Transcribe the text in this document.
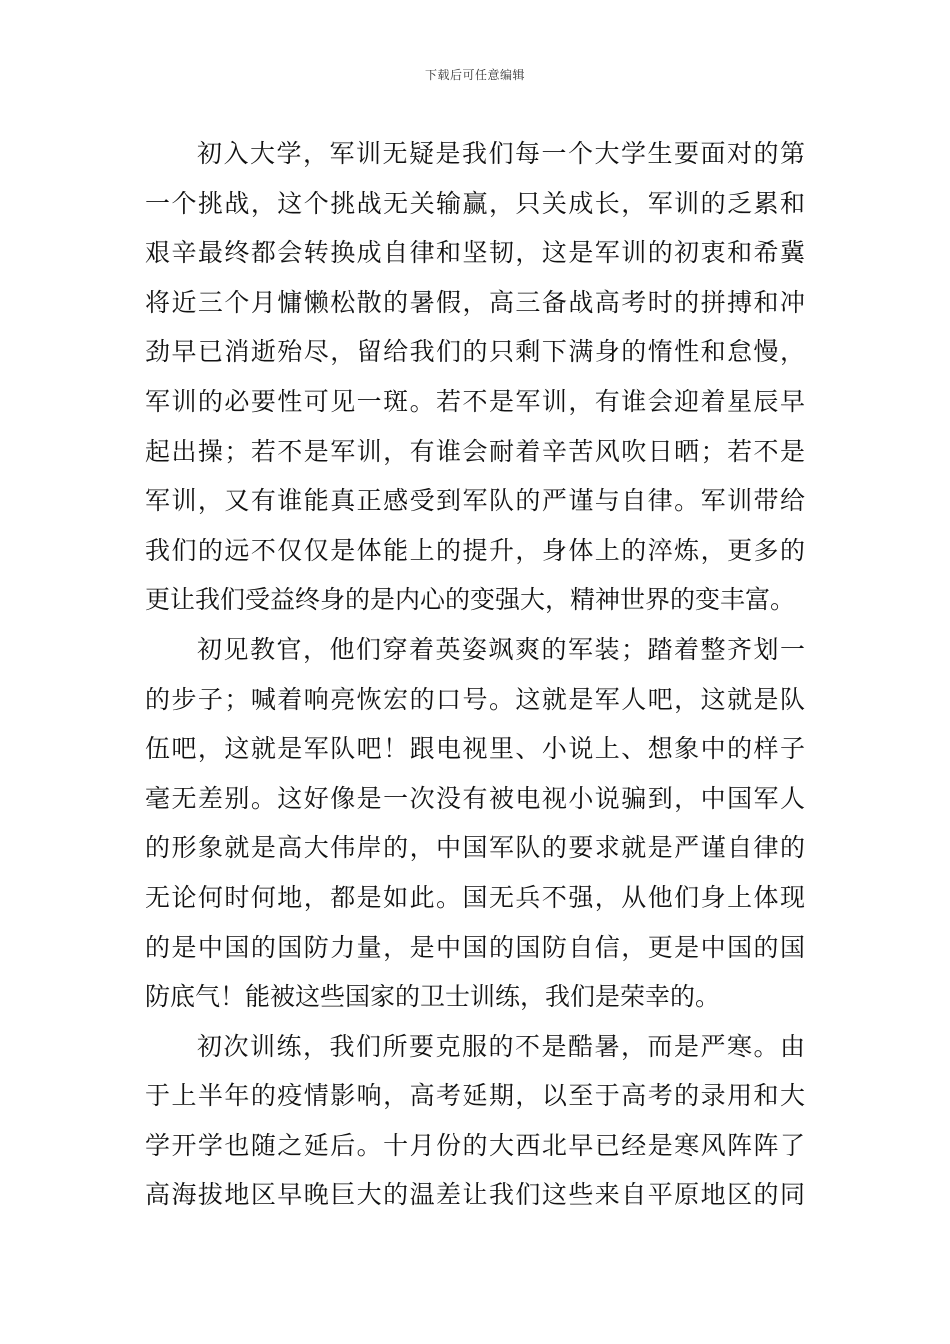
下载后可任意编辑
初入大学，军训无疑是我们每一个大学生要面对的第
一个挑战，这个挑战无关输赢，只关成长，军训的乏累和
艰辛最终都会转换成自律和坚韧，这是军训的初衷和希冀
将近三个月慵懒松散的暑假，高三备战高考时的拼搏和冲
劲早已消逝殆尽，留给我们的只剩下满身的惰性和怠慢，
军训的必要性可见一斑。若不是军训，有谁会迎着星辰早
起出操；若不是军训，有谁会耐着辛苦风吹日晒；若不是
军训，又有谁能真正感受到军队的严谨与自律。军训带给
我们的远不仅仅是体能上的提升，身体上的淬炼，更多的
更让我们受益终身的是内心的变强大，精神世界的变丰富。
初见教官，他们穿着英姿飒爽的军装；踏着整齐划一
的步子；喊着响亮恢宏的口号。这就是军人吧，这就是队
伍吧，这就是军队吧！跟电视里、小说上、想象中的样子
毫无差别。这好像是一次没有被电视小说骗到，中国军人
的形象就是高大伟岸的，中国军队的要求就是严谨自律的
无论何时何地，都是如此。国无兵不强，从他们身上体现
的是中国的国防力量，是中国的国防自信，更是中国的国
防底气！能被这些国家的卫士训练，我们是荣幸的。
初次训练，我们所要克服的不是酷暑，而是严寒。由
于上半年的疫情影响，高考延期，以至于高考的录用和大
学开学也随之延后。十月份的大西北早已经是寒风阵阵了
高海拔地区早晚巨大的温差让我们这些来自平原地区的同
